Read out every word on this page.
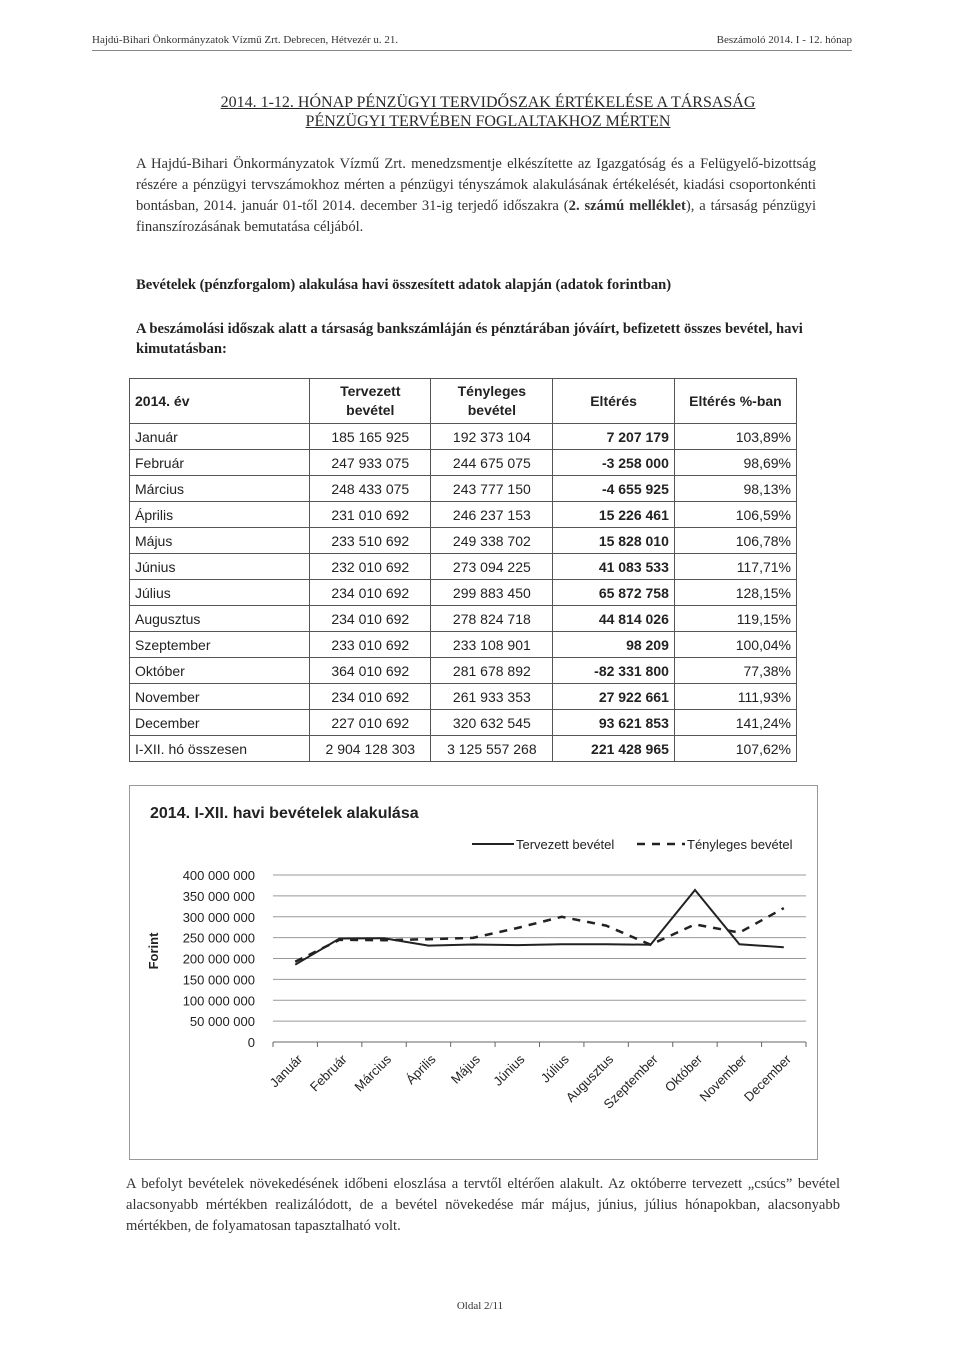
Hajdú-Bihari Önkormányzatok Vízmű Zrt. Debrecen, Hétvezér u. 21.	Beszámoló 2014. I - 12. hónap
2014. 1-12. HÓNAP PÉNZÜGYI TERVIDŐSZAK ÉRTÉKELÉSE A TÁRSASÁG
PÉNZÜGYI TERVÉBEN FOGLALTAKHOZ MÉRTEN
A Hajdú-Bihari Önkormányzatok Vízmű Zrt. menedzsmentje elkészítette az Igazgatóság és a Felügyelő-bizottság részére a pénzügyi tervszámokhoz mérten a pénzügyi tényszámok alakulásának értékelését, kiadási csoportonkénti bontásban, 2014. január 01-től 2014. december 31-ig terjedő időszakra (2. számú melléklet), a társaság pénzügyi finanszírozásának bemutatása céljából.
Bevételek (pénzforgalom) alakulása havi összesített adatok alapján (adatok forintban)
A beszámolási időszak alatt a társaság bankszámláján és pénztárában jóváírt, befizetett összes bevétel, havi kimutatásban:
2014. év	Tervezett bevétel	Tényleges bevétel	Eltérés	Eltérés %-ban
Január	185 165 925	192 373 104	7 207 179	103,89%
Február	247 933 075	244 675 075	-3 258 000	98,69%
Március	248 433 075	243 777 150	-4 655 925	98,13%
Április	231 010 692	246 237 153	15 226 461	106,59%
Május	233 510 692	249 338 702	15 828 010	106,78%
Június	232 010 692	273 094 225	41 083 533	117,71%
Július	234 010 692	299 883 450	65 872 758	128,15%
Augusztus	234 010 692	278 824 718	44 814 026	119,15%
Szeptember	233 010 692	233 108 901	98 209	100,04%
Október	364 010 692	281 678 892	-82 331 800	77,38%
November	234 010 692	261 933 353	27 922 661	111,93%
December	227 010 692	320 632 545	93 621 853	141,24%
I-XII. hó összesen	2 904 128 303	3 125 557 268	221 428 965	107,62%
2014. I-XII. havi bevételek alakulása
Tervezett bevétel	Tényleges bevétel
Forint
0
50 000 000
100 000 000
150 000 000
200 000 000
250 000 000
300 000 000
350 000 000
400 000 000
Január Február Március Április Május Június Július
Augusztus
Szeptember Október
November
December
A befolyt bevételek növekedésének időbeni eloszlása a tervtől eltérően alakult. Az októberre tervezett „csúcs” bevétel alacsonyabb mértékben realizálódott, de a bevétel növekedése már május, június, július hónapokban, alacsonyabb mértékben, de folyamatosan tapasztalható volt.
Oldal 2/11
